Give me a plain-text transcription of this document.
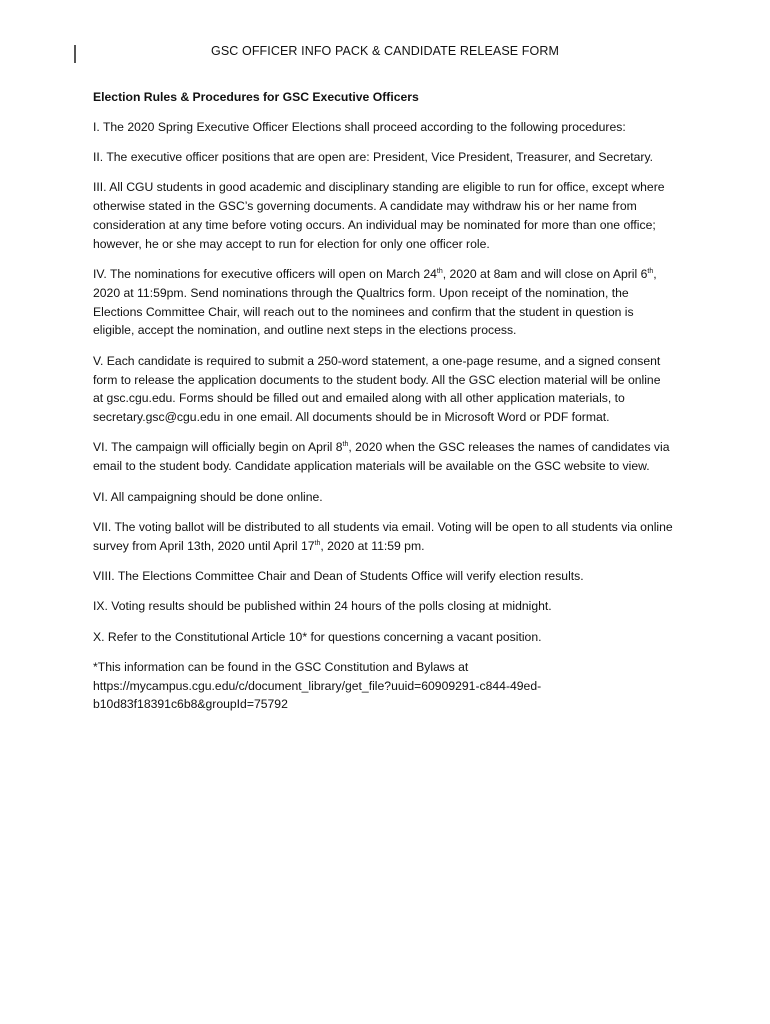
GSC OFFICER INFO PACK & CANDIDATE RELEASE FORM

Election Rules & Procedures for GSC Executive Officers

I. The 2020 Spring Executive Officer Elections shall proceed according to the following procedures:

II. The executive officer positions that are open are: President, Vice President, Treasurer, and Secretary.

III. All CGU students in good academic and disciplinary standing are eligible to run for office, except where otherwise stated in the GSC’s governing documents. A candidate may withdraw his or her name from consideration at any time before voting occurs. An individual may be nominated for more than one office; however, he or she may accept to run for election for only one officer role.

IV. The nominations for executive officers will open on March 24th, 2020 at 8am and will close on April 6th, 2020 at 11:59pm. Send nominations through the Qualtrics form. Upon receipt of the nomination, the Elections Committee Chair, will reach out to the nominees and confirm that the student in question is eligible, accept the nomination, and outline next steps in the elections process.

V. Each candidate is required to submit a 250-word statement, a one-page resume, and a signed consent form to release the application documents to the student body. All the GSC election material will be online at gsc.cgu.edu. Forms should be filled out and emailed along with all other application materials, to secretary.gsc@cgu.edu in one email. All documents should be in Microsoft Word or PDF format.

VI. The campaign will officially begin on April 8th, 2020 when the GSC releases the names of candidates via email to the student body. Candidate application materials will be available on the GSC website to view.

VI. All campaigning should be done online.

VII. The voting ballot will be distributed to all students via email. Voting will be open to all students via online survey from April 13th, 2020 until April 17th, 2020 at 11:59 pm.

VIII. The Elections Committee Chair and Dean of Students Office will verify election results.

IX. Voting results should be published within 24 hours of the polls closing at midnight.

X. Refer to the Constitutional Article 10* for questions concerning a vacant position.

*This information can be found in the GSC Constitution and Bylaws at
https://mycampus.cgu.edu/c/document_library/get_file?uuid=60909291-c844-49ed-
b10d83f18391c6b8&groupId=75792
